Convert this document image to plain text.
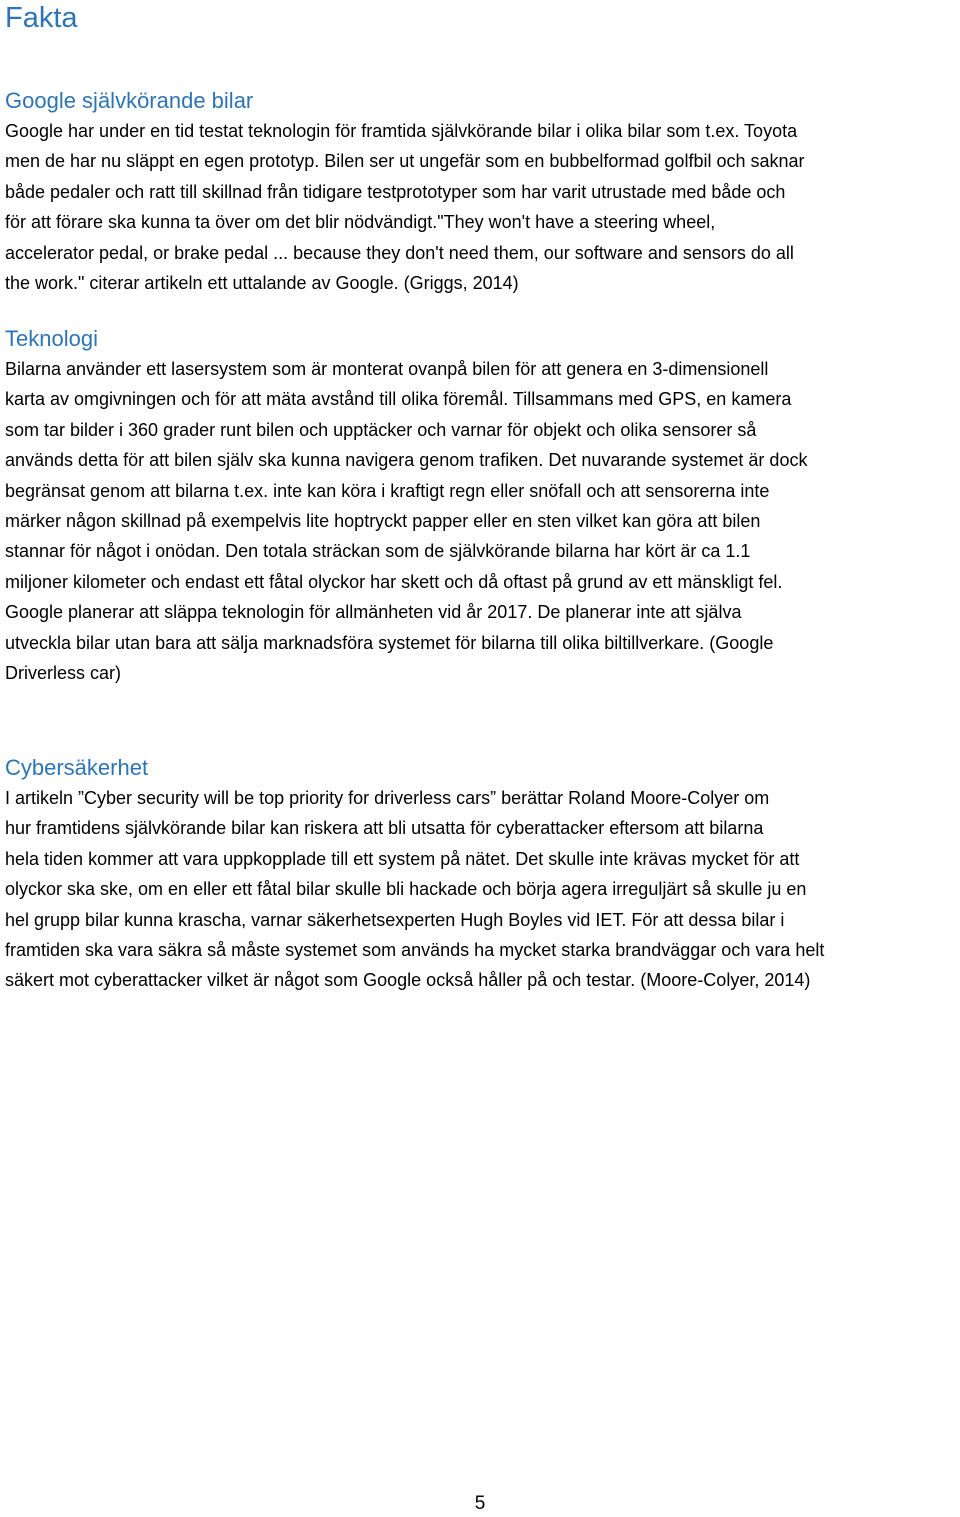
Fakta
Google självkörande bilar

Google har under en tid testat teknologin för framtida självkörande bilar i olika bilar som t.ex. Toyota
men de har nu släppt en egen prototyp. Bilen ser ut ungefär som en bubbelformad golfbil och saknar
både pedaler och ratt till skillnad från tidigare testprototyper som har varit utrustade med både och
för att förare ska kunna ta över om det blir nödvändigt."They won't have a steering wheel,
accelerator pedal, or brake pedal ... because they don't need them, our software and sensors do all
the work." citerar artikeln ett uttalande av Google. (Griggs, 2014)

Teknologi

Bilarna använder ett lasersystem som är monterat ovanpå bilen för att genera en 3-dimensionell
karta av omgivningen och för att mäta avstånd till olika föremål. Tillsammans med GPS, en kamera
som tar bilder i 360 grader runt bilen och upptäcker och varnar för objekt och olika sensorer så
används detta för att bilen själv ska kunna navigera genom trafiken. Det nuvarande systemet är dock
begränsat genom att bilarna t.ex. inte kan köra i kraftigt regn eller snöfall och att sensorerna inte
märker någon skillnad på exempelvis lite hoptryckt papper eller en sten vilket kan göra att bilen
stannar för något i onödan. Den totala sträckan som de självkörande bilarna har kört är ca 1.1
miljoner kilometer och endast ett fåtal olyckor har skett och då oftast på grund av ett mänskligt fel.
Google planerar att släppa teknologin för allmänheten vid år 2017. De planerar inte att själva
utveckla bilar utan bara att sälja marknadsföra systemet för bilarna till olika biltillverkare. (Google
Driverless car)

Cybersäkerhet

I artikeln ”Cyber security will be top priority for driverless cars” berättar Roland Moore-Colyer om
hur framtidens självkörande bilar kan riskera att bli utsatta för cyberattacker eftersom att bilarna
hela tiden kommer att vara uppkopplade till ett system på nätet. Det skulle inte krävas mycket för att
olyckor ska ske, om en eller ett fåtal bilar skulle bli hackade och börja agera irreguljärt så skulle ju en
hel grupp bilar kunna krascha, varnar säkerhetsexperten Hugh Boyles vid IET. För att dessa bilar i
framtiden ska vara säkra så måste systemet som används ha mycket starka brandväggar och vara helt
säkert mot cyberattacker vilket är något som Google också håller på och testar. (Moore-Colyer, 2014)

5
